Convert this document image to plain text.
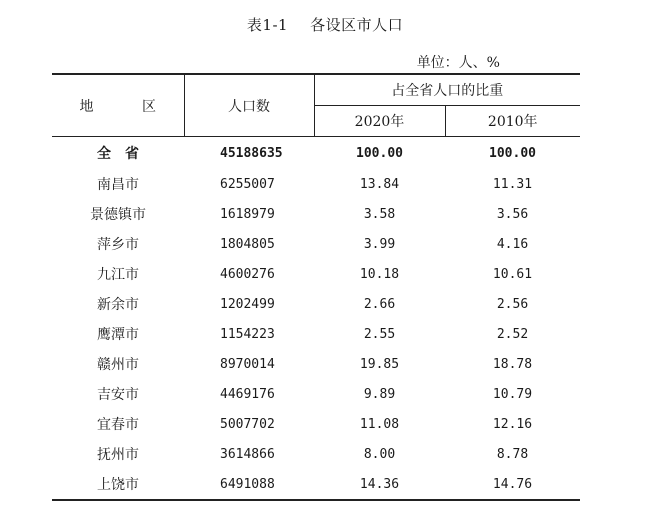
表1-1 各设区市人口
单位：人、%
地 区	人口数	占全省人口的比重	
		2020年	2010年
全省	45188635	100.00	100.00
南昌市	6255007	13.84	11.31
景德镇市	1618979	3.58	3.56
萍乡市	1804805	3.99	4.16
九江市	4600276	10.18	10.61
新余市	1202499	2.66	2.56
鹰潭市	1154223	2.55	2.52
赣州市	8970014	19.85	18.78
吉安市	4469176	9.89	10.79
宜春市	5007702	11.08	12.16
抚州市	3614866	8.00	8.78
上饶市	6491088	14.36	14.76
